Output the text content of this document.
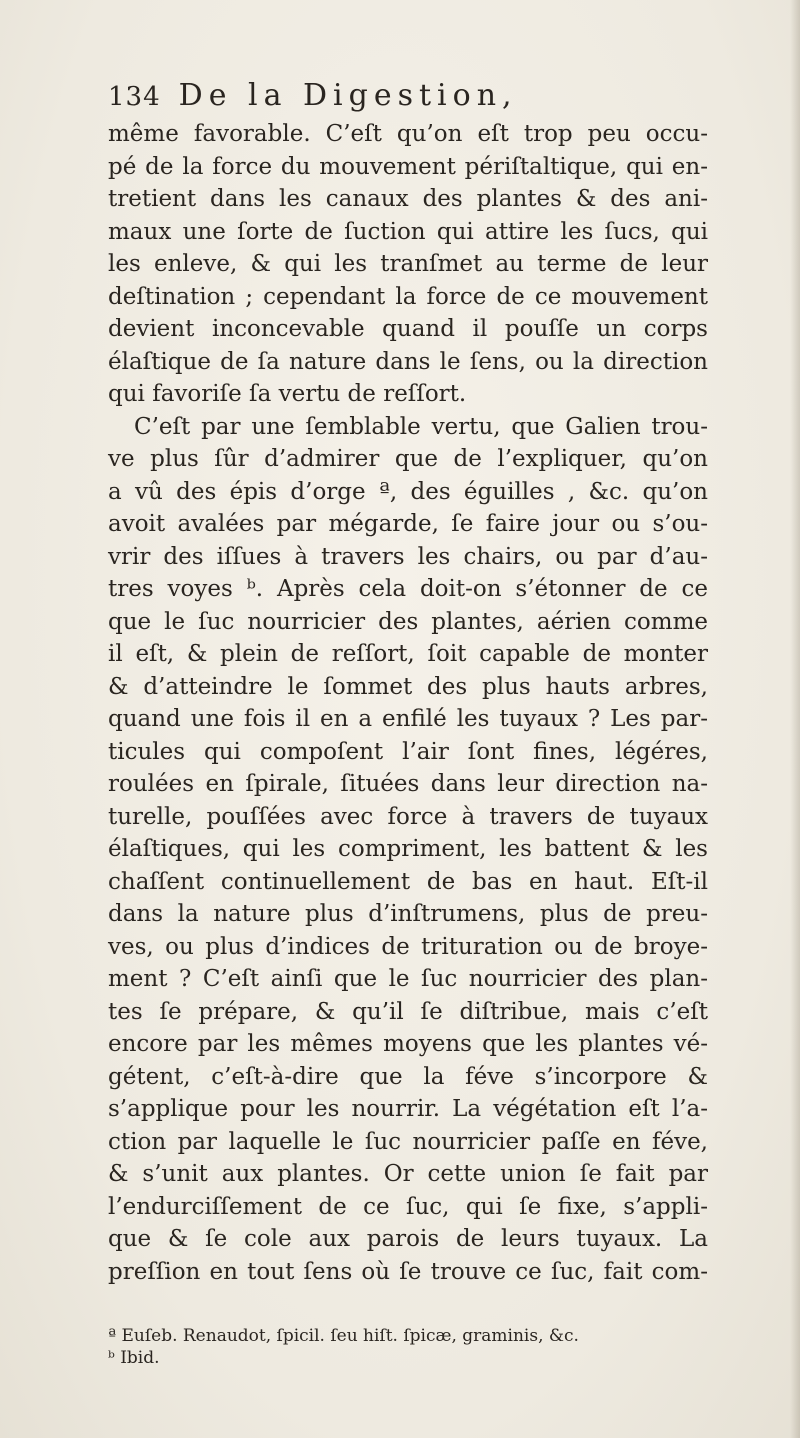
134 De la Digestion,
même favorable. C’eſt qu’on eſt trop peu occu-
pé de la force du mouvement périſtaltique, qui en-
tretient dans les canaux des plantes & des ani-
maux une ſorte de ſuction qui attire les ſucs, qui
les enleve, & qui les tranſmet au terme de leur
deſtination ; cependant la force de ce mouvement
devient inconcevable quand il pouſſe un corps
élaſtique de ſa nature dans le ſens, ou la direction
qui favoriſe ſa vertu de reſſort.
C’eſt par une ſemblable vertu, que Galien trou-
ve plus ſûr d’admirer que de l’expliquer, qu’on
a vû des épis d’orge ª, des éguilles , &c. qu’on
avoit avalées par mégarde, ſe faire jour ou s’ou-
vrir des iſſues à travers les chairs, ou par d’au-
tres voyes ᵇ. Après cela doit-on s’étonner de ce
que le ſuc nourricier des plantes, aérien comme
il eſt, & plein de reſſort, ſoit capable de monter
& d’atteindre le ſommet des plus hauts arbres,
quand une fois il en a enfilé les tuyaux ? Les par-
ticules qui compoſent l’air ſont fines, légéres,
roulées en ſpirale, ſituées dans leur direction na-
turelle, pouſſées avec force à travers de tuyaux
élaſtiques, qui les compriment, les battent & les
chaſſent continuellement de bas en haut. Eſt-il
dans la nature plus d’inſtrumens, plus de preu-
ves, ou plus d’indices de trituration ou de broye-
ment ? C’eſt ainſi que le ſuc nourricier des plan-
tes ſe prépare, & qu’il ſe diſtribue, mais c’eſt
encore par les mêmes moyens que les plantes vé-
gétent, c’eſt-à-dire que la féve s’incorpore &
s’applique pour les nourrir. La végétation eſt l’a-
ction par laquelle le ſuc nourricier paſſe en féve,
& s’unit aux plantes. Or cette union ſe fait par
l’endurciſſement de ce ſuc, qui ſe fixe, s’appli-
que & ſe cole aux parois de leurs tuyaux. La
preſſion en tout ſens où ſe trouve ce ſuc, fait com-
ª Euſeb. Renaudot, ſpicil. ſeu hiſt. ſpicæ, graminis, &c.
ᵇ Ibid.
